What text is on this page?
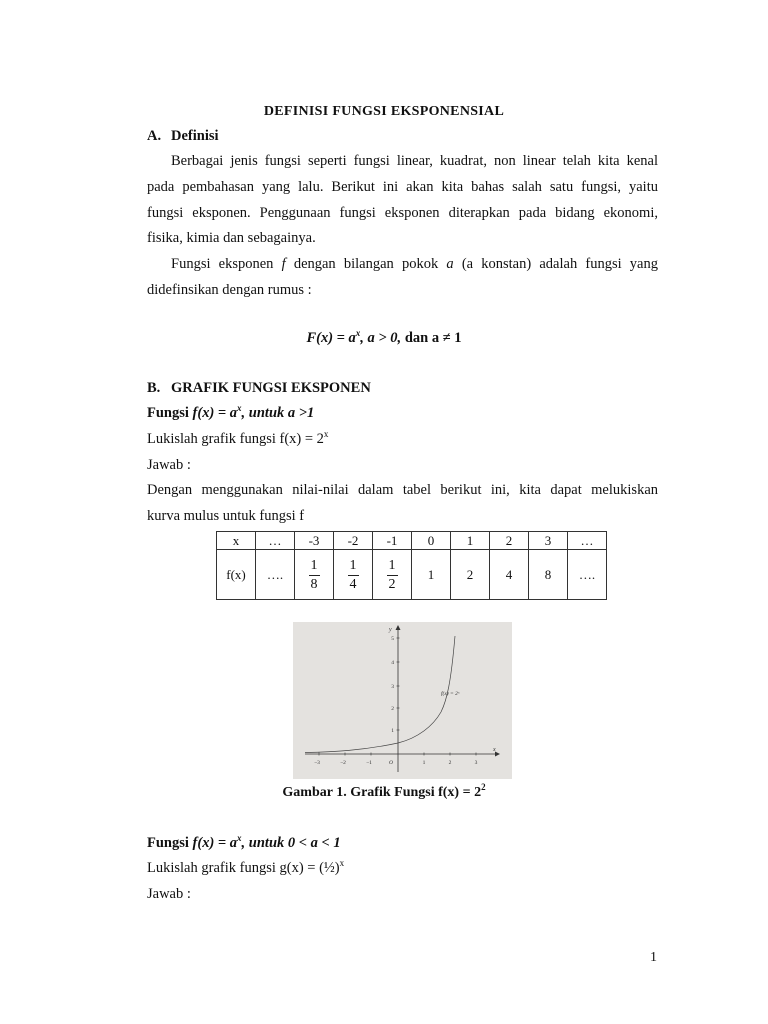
DEFINISI FUNGSI EKSPONENSIAL
A. Definisi
Berbagai jenis fungsi seperti fungsi linear, kuadrat, non linear telah kita kenal
pada pembahasan yang lalu. Berikut ini akan kita bahas salah satu fungsi, yaitu
fungsi eksponen. Penggunaan fungsi eksponen diterapkan pada bidang ekonomi,
fisika, kimia dan sebagainya.
Fungsi eksponen f dengan bilangan pokok a (a konstan) adalah fungsi yang
didefinsikan dengan rumus :
$F(x) = a^x$, a > 0, dan a ≠ 1
B. GRAFIK FUNGSI EKSPONEN
Fungsi $f(x) = a^x$, untuk a >1
Lukislah grafik fungsi $f(x) = 2^x$
Jawab :
Dengan menggunakan nilai-nilai dalam tabel berikut ini, kita dapat melukiskan
kurva mulus untuk fungsi f
x	…	-3	-2	-1	0	1	2	3	…
f(x)	….	$\frac{1}{8}$	$\frac{1}{4}$	$\frac{1}{2}$	1	2	4	8	….
x
y
−3	−2	−1	O	1	2	3
1
2
3
4
5
f(x) = 2ˣ
Gambar 1. Grafik Fungsi $f(x) = 2^2$
Fungsi $f(x) = a^x$, untuk 0 < a < 1
Lukislah grafik fungsi g(x) = (½)$^x$
Jawab :
1
